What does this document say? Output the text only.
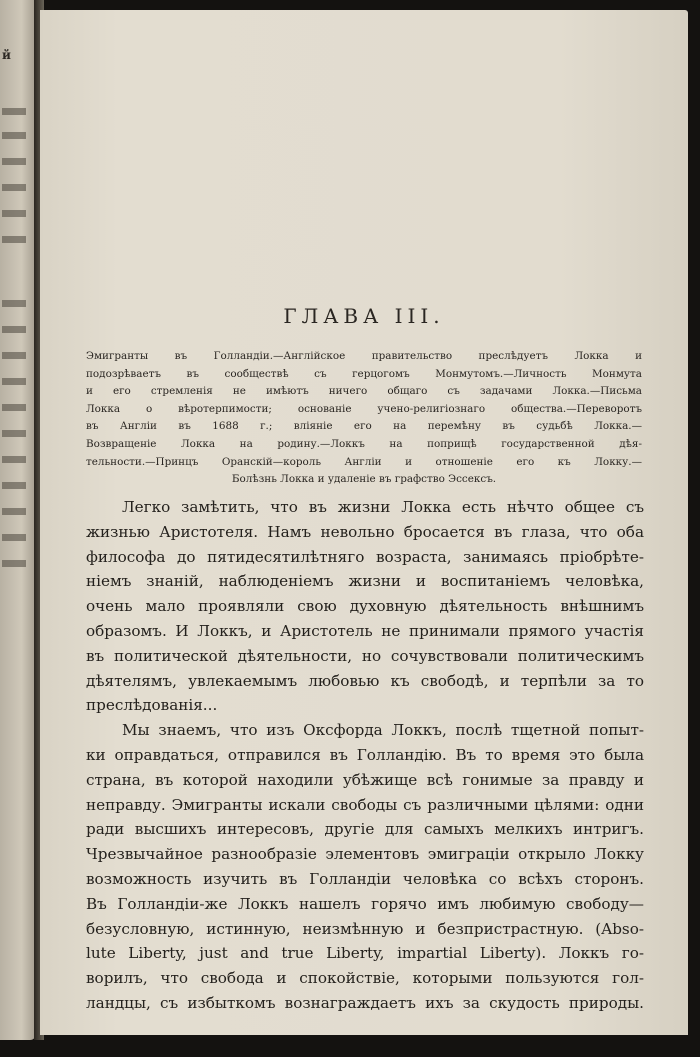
й
ГЛАВА III.
Эмигранты въ Голландіи.—Англійское правительство преслѣдуетъ Локка и
подозрѣваетъ въ сообществѣ съ герцогомъ Монмутомъ.—Личность Монмута
и его стремленія не имѣютъ ничего общаго съ задачами Локка.—Письма
Локка о вѣротерпимости; основаніе ученo-религіознаго общества.—Переворотъ
въ Англіи въ 1688 г.; вліяніе его на перемѣну въ судьбѣ Локка.—
Возвращеніе Локка на родину.—Локкъ на поприщѣ государственной дѣя-
тельности.—Принцъ Оранскій—король Англіи и отношеніе его къ Локку.—
Болѣзнь Локка и удаленіе въ графство Эссексъ.
Легко замѣтить, что въ жизни Локка есть нѣчто общее съ
жизнью Аристотеля. Намъ невольно бросается въ глаза, что оба
философа до пятидесятилѣтняго возраста, занимаясь пріобрѣте-
ніемъ знаній, наблюденіемъ жизни и воспитаніемъ человѣка,
очень мало проявляли свою духовную дѣятельность внѣшнимъ
образомъ. И Локкъ, и Аристотель не принимали прямого участія
въ политической дѣятельности, но сочувствовали политическимъ
дѣятелямъ, увлекаемымъ любовью къ свободѣ, и терпѣли за то
преслѣдованія...
Мы знаемъ, что изъ Оксфорда Локкъ, послѣ тщетной попыт-
ки оправдаться, отправился въ Голландію. Въ то время это была
страна, въ которой находили убѣжище всѣ гонимые за правду и
неправду. Эмигранты искали свободы съ различными цѣлями: одни
ради высшихъ интересовъ, другіе для самыхъ мелкихъ интригъ.
Чрезвычайное разнообразіе элементовъ эмиграціи открыло Локку
возможность изучить въ Голландіи человѣка со всѣхъ сторонъ.
Въ Голландіи-же Локкъ нашелъ горячо имъ любимую свободу—
безусловную, истинную, неизмѣнную и безпристрастную. (Abso-
lute Liberty, just and true Liberty, impartial Liberty). Локкъ го-
ворилъ, что свобода и спокойствіе, которыми пользуются гол-
ландцы, съ избыткомъ вознаграждаетъ ихъ за скудость природы.
